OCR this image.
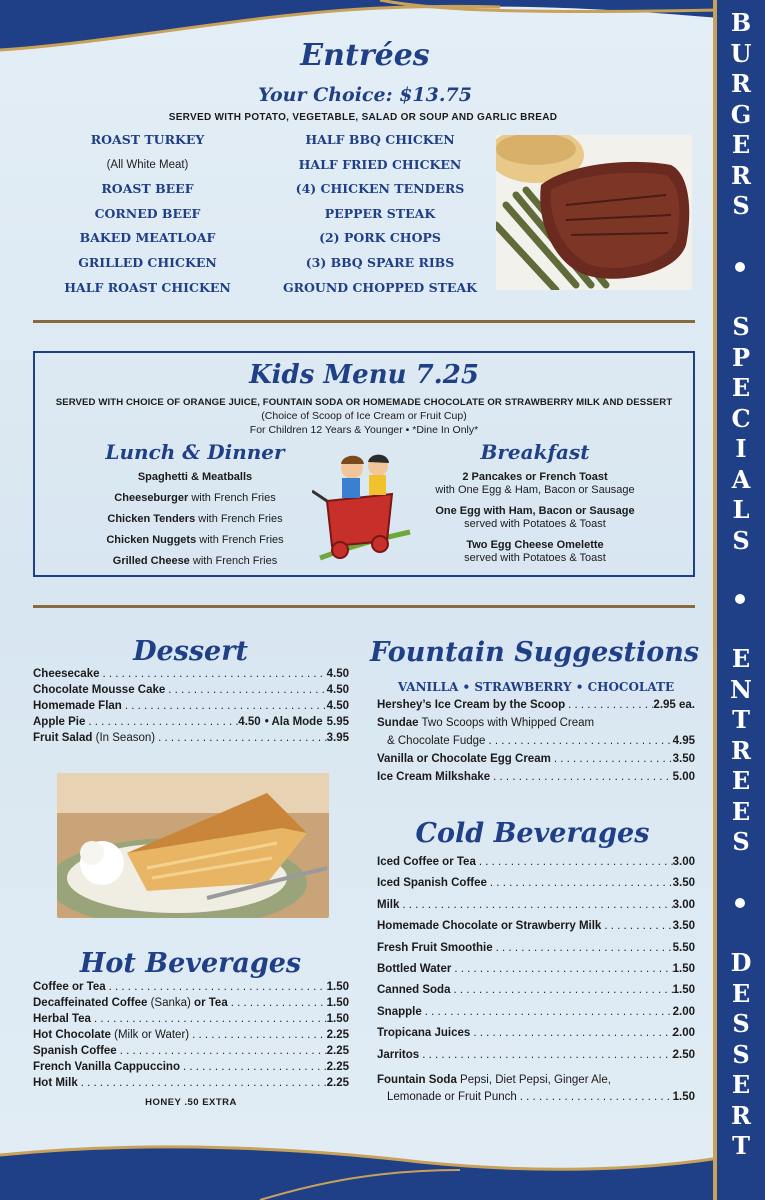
B
U
R
G
E
R
S
S
P
E
C
I
A
L
S
E
N
T
R
E
E
S
D
E
S
S
E
R
T
Entrées
Your Choice: $13.75
SERVED WITH POTATO, VEGETABLE, SALAD OR SOUP AND GARLIC BREAD
ROAST TURKEY
(All White Meat)
ROAST BEEF
CORNED BEEF
BAKED MEATLOAF
GRILLED CHICKEN
HALF ROAST CHICKEN
HALF BBQ CHICKEN
HALF FRIED CHICKEN
(4) CHICKEN TENDERS
PEPPER STEAK
(2) PORK CHOPS
(3) BBQ SPARE RIBS
GROUND CHOPPED STEAK
Kids Menu 7.25
SERVED WITH CHOICE OF ORANGE JUICE, FOUNTAIN SODA OR HOMEMADE CHOCOLATE OR STRAWBERRY MILK AND DESSERT
(Choice of Scoop of Ice Cream or Fruit Cup)
For Children 12 Years & Younger • *Dine In Only*
Lunch & Dinner
Spaghetti & Meatballs
Cheeseburger with French Fries
Chicken Tenders with French Fries
Chicken Nuggets with French Fries
Grilled Cheese with French Fries
Breakfast
2 Pancakes or French Toast
with One Egg & Ham, Bacon or Sausage
One Egg with Ham, Bacon or Sausage
served with Potatoes & Toast
Two Egg Cheese Omelette
served with Potatoes & Toast
Dessert
Cheesecake . . .	4.50
Chocolate Mousse Cake . . .	4.50
Homemade Flan . . .	4.50
Apple Pie . . .	4.50 • Ala Mode 5.95
Fruit Salad (In Season) . . .	3.95
Hot Beverages
Coffee or Tea . . .	1.50
Decaffeinated Coffee (Sanka) or Tea . . .	1.50
Herbal Tea . . .	1.50
Hot Chocolate (Milk or Water) . . .	2.25
Spanish Coffee . . .	2.25
French Vanilla Cappuccino . . .	2.25
Hot Milk . . .	2.25
HONEY .50 EXTRA
Fountain Suggestions
VANILLA • STRAWBERRY • CHOCOLATE
Hershey’s Ice Cream by the Scoop . . .	2.95 ea.
Sundae Two Scoops with Whipped Cream
& Chocolate Fudge . . .	4.95
Vanilla or Chocolate Egg Cream . . .	3.50
Ice Cream Milkshake . . .	5.00
Cold Beverages
Iced Coffee or Tea . . .	3.00
Iced Spanish Coffee . . .	3.50
Milk . . .	3.00
Homemade Chocolate or Strawberry Milk . . .	3.50
Fresh Fruit Smoothie . . .	5.50
Bottled Water . . .	1.50
Canned Soda . . .	1.50
Snapple . . .	2.00
Tropicana Juices . . .	2.00
Jarritos . . .	2.50
Fountain Soda Pepsi, Diet Pepsi, Ginger Ale,
Lemonade or Fruit Punch . . .	1.50
